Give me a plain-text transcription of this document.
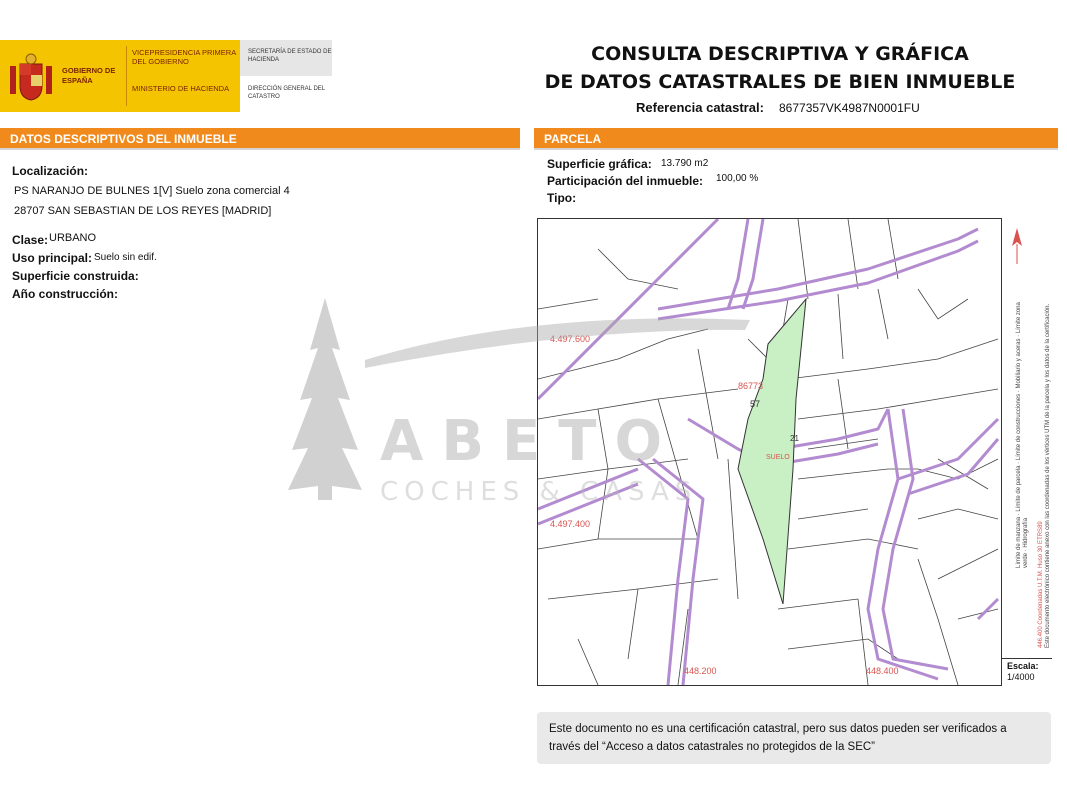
GOBIERNO DE ESPAÑA
VICEPRESIDENCIA PRIMERA DEL GOBIERNO
MINISTERIO DE HACIENDA
SECRETARÍA DE ESTADO DE HACIENDA
DIRECCIÓN GENERAL DEL CATASTRO
CONSULTA DESCRIPTIVA Y GRÁFICA
DE DATOS CATASTRALES DE BIEN INMUEBLE
Referencia catastral: 8677357VK4987N0001FU
DATOS DESCRIPTIVOS DEL INMUEBLE	PARCELA
Localización:
PS NARANJO DE BULNES 1[V] Suelo zona comercial 4
28707 SAN SEBASTIAN DE LOS REYES [MADRID]
Clase: URBANO
Uso principal: Suelo sin edif.
Superficie construida:
Año construcción:
Superficie gráfica: 13.790 m2
Participación del inmueble: 100,00 %
Tipo:
4.497.600
4.497.400
448.200	448.400
86773
57
21
SUELO
446.400 Coordenadas U.T.M. Huso 30 ETRS89 Este documento electrónico contiene anexo con las coordenadas de los vértices UTM de la parcela y los datos de la certificación.
Límite de manzana · Límite de parcela · Límite de construcciones · Mobiliario y aceras · Límite zona verde · Hidrografía
Escala:
1/4000
ABETO
COCHES & CASAS
Este documento no es una certificación catastral, pero sus datos pueden ser verificados a través del “Acceso a datos catastrales no protegidos de la SEC”
